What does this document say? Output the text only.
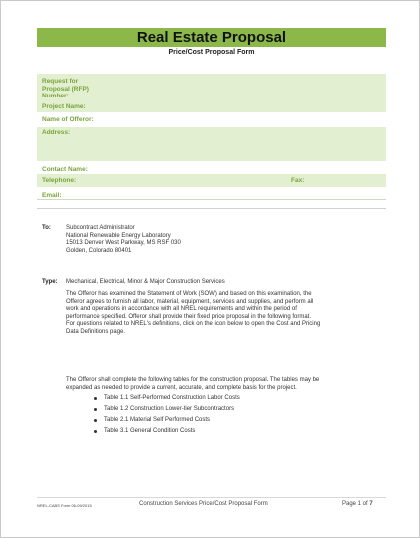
Real Estate Proposal
Price/Cost Proposal Form
Request for
Proposal (RFP)
Number:
Project Name:
Name of Offeror:
Address:
Contact Name:
Telephone:	Fax:
Email:
To:	Subcontract Administrator
National Renewable Energy Laboratory
15013 Denver West Parkway, MS RSF 030
Golden, Colorado 80401
Type: Mechanical, Electrical, Minor & Major Construction Services
The Offeror has examined the Statement of Work (SOW) and based on this examination, the
Offeror agrees to furnish all labor, material, equipment, services and supplies, and perform all
work and operations in accordance with all NREL requirements and within the period of
performance specified. Offeror shall provide their fixed price proposal in the following format.
For questions related to NREL's definitions, click on the icon below to open the Cost and Pricing
Data Definitions page.
The Offeror shall complete the following tables for the construction proposal. The tables may be
expanded as needed to provide a current, accurate, and complete basis for the project.
Table 1.1 Self-Performed Construction Labor Costs
Table 1.2 Construction Lower-tier Subcontractors
Table 2.1 Material Self Performed Costs
Table 3.1 General Condition Costs
NREL-CABS Form 06-09/2015	Construction Services Price/Cost Proposal Form	Page 1 of 7
